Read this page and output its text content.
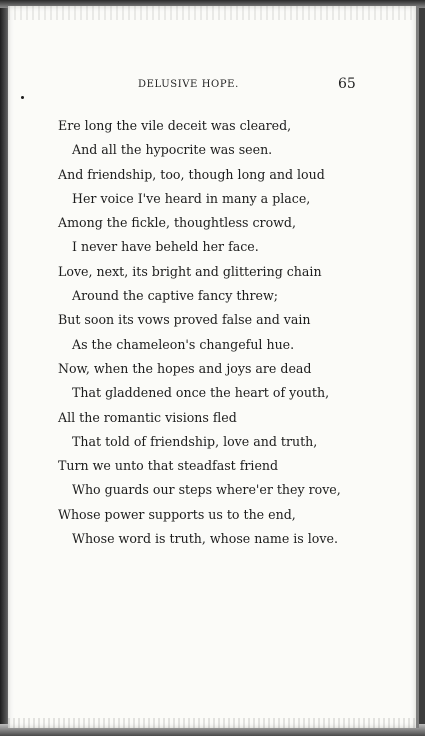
DELUSIVE HOPE.	65
Ere long the vile deceit was cleared,
And all the hypocrite was seen.
And friendship, too, though long and loud
Her voice I've heard in many a place,
Among the fickle, thoughtless crowd,
I never have beheld her face.
Love, next, its bright and glittering chain
Around the captive fancy threw;
But soon its vows proved false and vain
As the chameleon's changeful hue.
Now, when the hopes and joys are dead
That gladdened once the heart of youth,
All the romantic visions fled
That told of friendship, love and truth,
Turn we unto that steadfast friend
Who guards our steps where'er they rove,
Whose power supports us to the end,
Whose word is truth, whose name is love.
